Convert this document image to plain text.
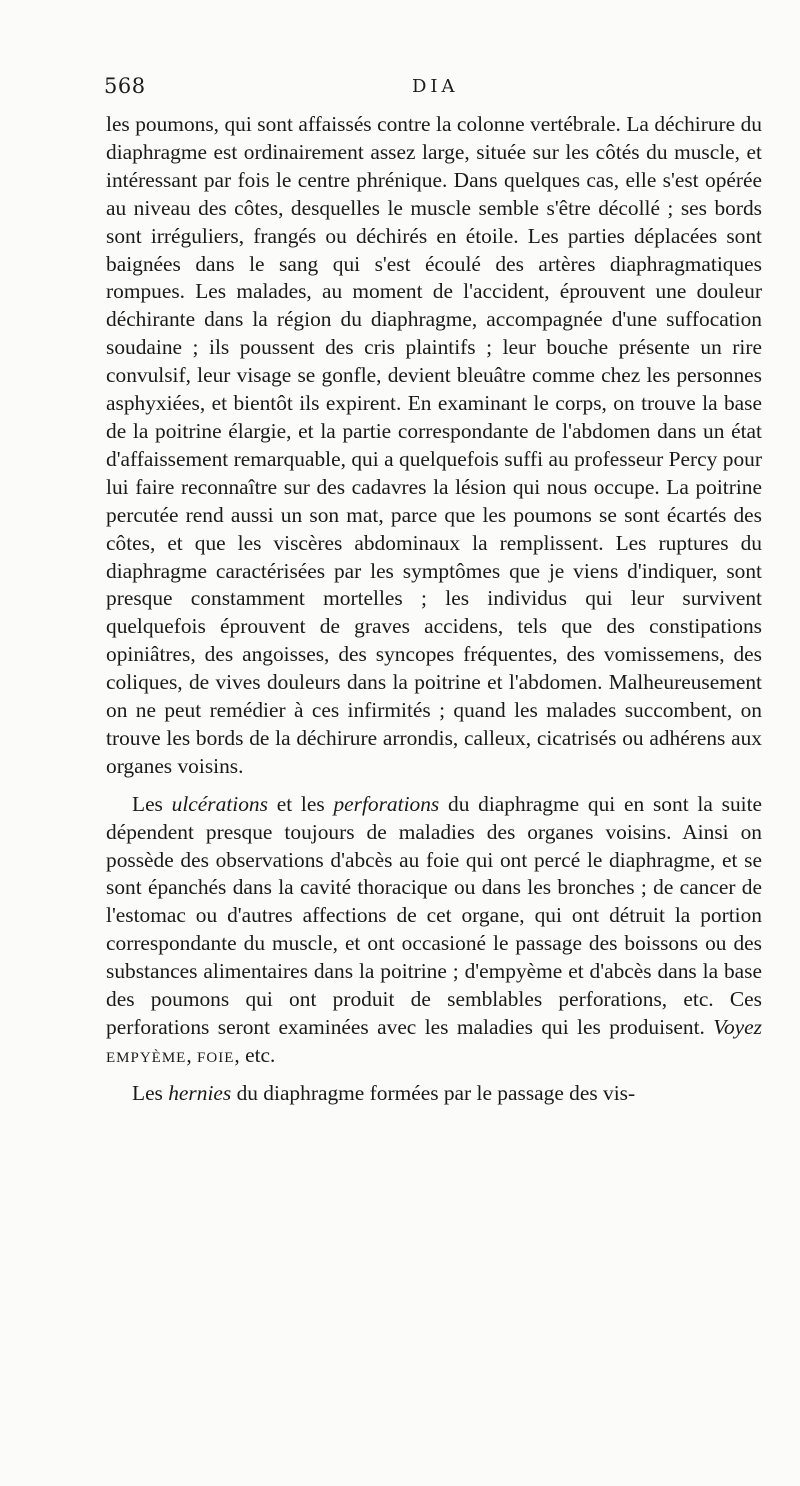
568	DIA

les poumons, qui sont affaissés contre la colonne vertébrale. La déchirure du diaphragme est ordinairement assez large, située sur les côtés du muscle, et intéressant par fois le centre phrénique. Dans quelques cas, elle s'est opérée au niveau des côtes, desquelles le muscle semble s'être décollé ; ses bords sont irréguliers, frangés ou déchirés en étoile. Les parties déplacées sont baignées dans le sang qui s'est écoulé des artères diaphragmatiques rompues. Les malades, au moment de l'accident, éprouvent une douleur déchirante dans la région du diaphragme, accompagnée d'une suffocation soudaine ; ils poussent des cris plaintifs ; leur bouche présente un rire convulsif, leur visage se gonfle, devient bleuâtre comme chez les personnes asphyxiées, et bientôt ils expirent. En examinant le corps, on trouve la base de la poitrine élargie, et la partie correspondante de l'abdomen dans un état d'affaissement remarquable, qui a quelquefois suffi au professeur Percy pour lui faire reconnaître sur des cadavres la lésion qui nous occupe. La poitrine percutée rend aussi un son mat, parce que les poumons se sont écartés des côtes, et que les viscères abdominaux la remplissent. Les ruptures du diaphragme caractérisées par les symptômes que je viens d'indiquer, sont presque constamment mortelles ; les individus qui leur survivent quelquefois éprouvent de graves accidens, tels que des constipations opiniâtres, des angoisses, des syncopes fréquentes, des vomissemens, des coliques, de vives douleurs dans la poitrine et l'abdomen. Malheureusement on ne peut remédier à ces infirmités ; quand les malades succombent, on trouve les bords de la déchirure arrondis, calleux, cicatrisés ou adhérens aux organes voisins.

Les ulcérations et les perforations du diaphragme qui en sont la suite dépendent presque toujours de maladies des organes voisins. Ainsi on possède des observations d'abcès au foie qui ont percé le diaphragme, et se sont épanchés dans la cavité thoracique ou dans les bronches ; de cancer de l'estomac ou d'autres affections de cet organe, qui ont détruit la portion correspondante du muscle, et ont occasioné le passage des boissons ou des substances alimentaires dans la poitrine ; d'empyème et d'abcès dans la base des poumons qui ont produit de semblables perforations, etc. Ces perforations seront examinées avec les maladies qui les produisent. Voyez empyème, foie, etc.

Les hernies du diaphragme formées par le passage des vis-
